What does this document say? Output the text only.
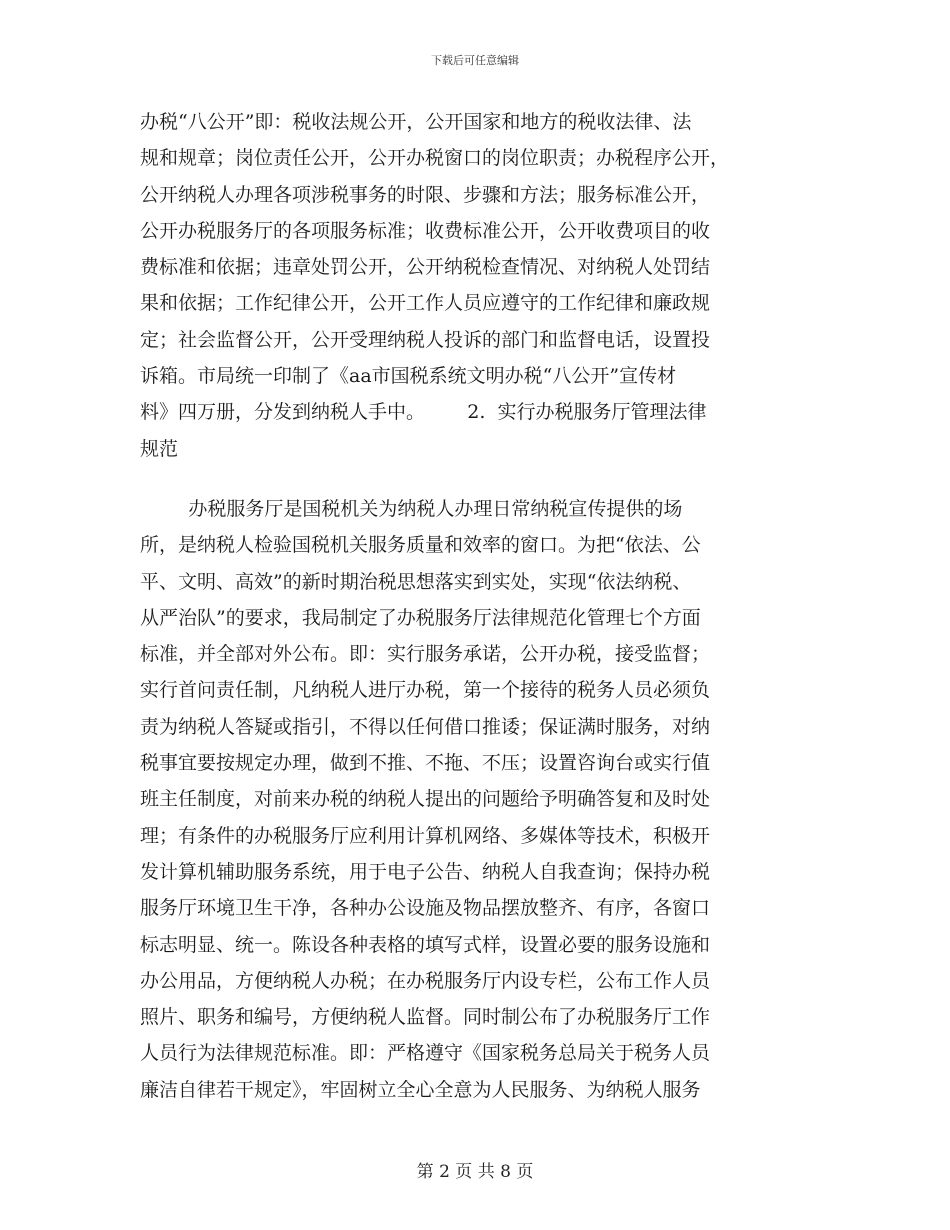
下载后可任意编辑
办税“八公开”即：税收法规公开，公开国家和地方的税收法律、法
规和规章；岗位责任公开，公开办税窗口的岗位职责；办税程序公开，
公开纳税人办理各项涉税事务的时限、步骤和方法；服务标准公开，
公开办税服务厅的各项服务标准；收费标准公开，公开收费项目的收
费标准和依据；违章处罚公开，公开纳税检查情况、对纳税人处罚结
果和依据；工作纪律公开，公开工作人员应遵守的工作纪律和廉政规
定；社会监督公开，公开受理纳税人投诉的部门和监督电话，设置投
诉箱。市局统一印制了《aa市国税系统文明办税“八公开”宣传材
料》四万册，分发到纳税人手中。       2.  实行办税服务厅管理法律
规范
办税服务厅是国税机关为纳税人办理日常纳税宣传提供的场
所，是纳税人检验国税机关服务质量和效率的窗口。为把“依法、公
平、文明、高效”的新时期治税思想落实到实处，实现“依法纳税、
从严治队”的要求，我局制定了办税服务厅法律规范化管理七个方面
标准，并全部对外公布。即：实行服务承诺，公开办税，接受监督；
实行首问责任制，凡纳税人进厅办税，第一个接待的税务人员必须负
责为纳税人答疑或指引，不得以任何借口推诿；保证满时服务，对纳
税事宜要按规定办理，做到不推、不拖、不压；设置咨询台或实行值
班主任制度，对前来办税的纳税人提出的问题给予明确答复和及时处
理；有条件的办税服务厅应利用计算机网络、多媒体等技术，积极开
发计算机辅助服务系统，用于电子公告、纳税人自我查询；保持办税
服务厅环境卫生干净，各种办公设施及物品摆放整齐、有序，各窗口
标志明显、统一。陈设各种表格的填写式样，设置必要的服务设施和
办公用品，方便纳税人办税；在办税服务厅内设专栏，公布工作人员
照片、职务和编号，方便纳税人监督。同时制公布了办税服务厅工作
人员行为法律规范标准。即：严格遵守《国家税务总局关于税务人员
廉洁自律若干规定》，牢固树立全心全意为人民服务、为纳税人服务
第 2 页 共 8 页
